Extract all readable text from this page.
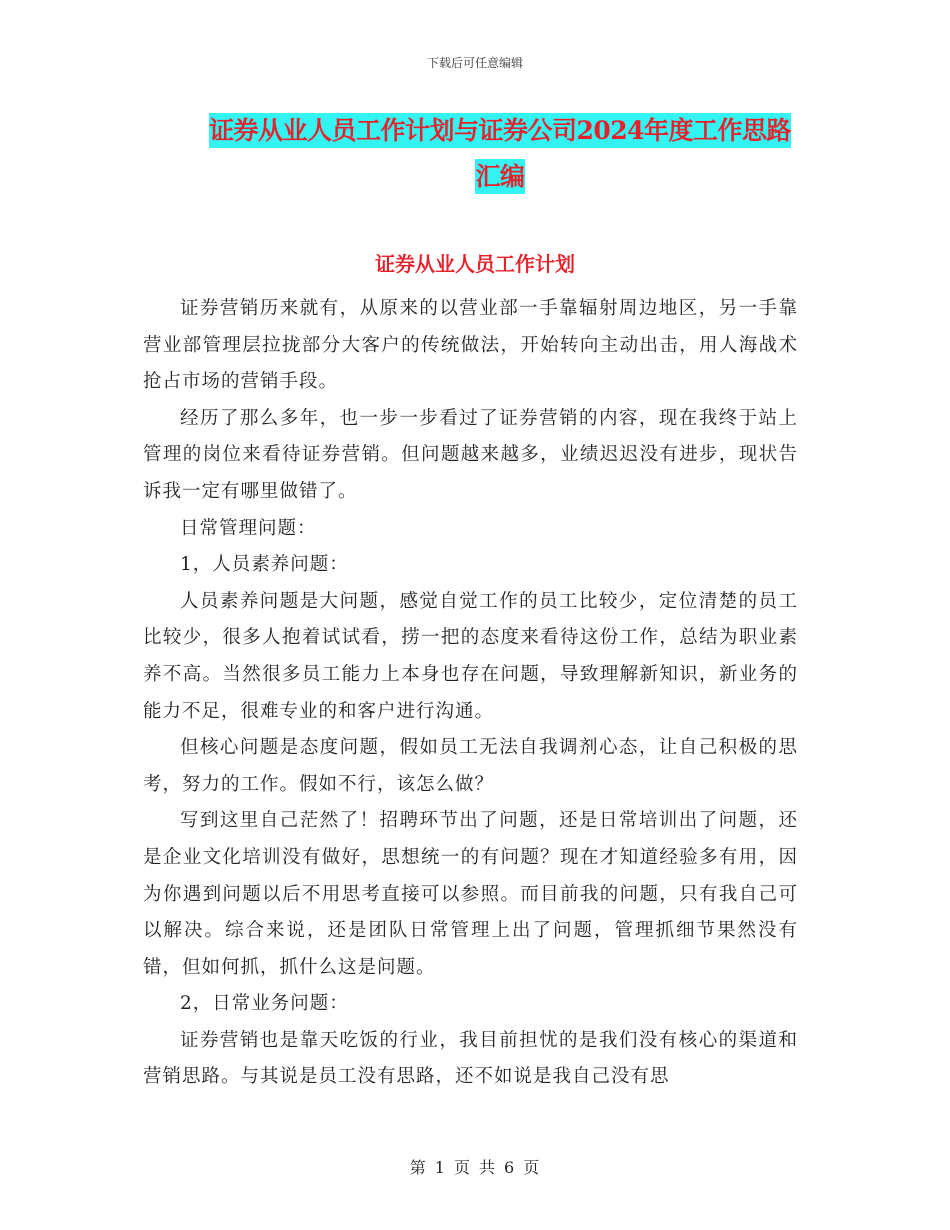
下载后可任意编辑
证券从业人员工作计划与证券公司2024年度工作思路
汇编
证券从业人员工作计划

证券营销历来就有，从原来的以营业部一手靠辐射周边地区，另一手靠营业部管理层拉拢部分大客户的传统做法，开始转向主动出击，用人海战术抢占市场的营销手段。

经历了那么多年，也一步一步看过了证券营销的内容，现在我终于站上管理的岗位来看待证券营销。但问题越来越多，业绩迟迟没有进步，现状告诉我一定有哪里做错了。

日常管理问题：

1，人员素养问题：

人员素养问题是大问题，感觉自觉工作的员工比较少，定位清楚的员工比较少，很多人抱着试试看，捞一把的态度来看待这份工作，总结为职业素养不高。当然很多员工能力上本身也存在问题，导致理解新知识，新业务的能力不足，很难专业的和客户进行沟通。

但核心问题是态度问题，假如员工无法自我调剂心态，让自己积极的思考，努力的工作。假如不行，该怎么做？

写到这里自己茫然了！招聘环节出了问题，还是日常培训出了问题，还是企业文化培训没有做好，思想统一的有问题？现在才知道经验多有用，因为你遇到问题以后不用思考直接可以参照。而目前我的问题，只有我自己可以解决。综合来说，还是团队日常管理上出了问题，管理抓细节果然没有错，但如何抓，抓什么这是问题。

2，日常业务问题：

证券营销也是靠天吃饭的行业，我目前担忧的是我们没有核心的渠道和营销思路。与其说是员工没有思路，还不如说是我自己没有思

第 1 页 共 6 页
